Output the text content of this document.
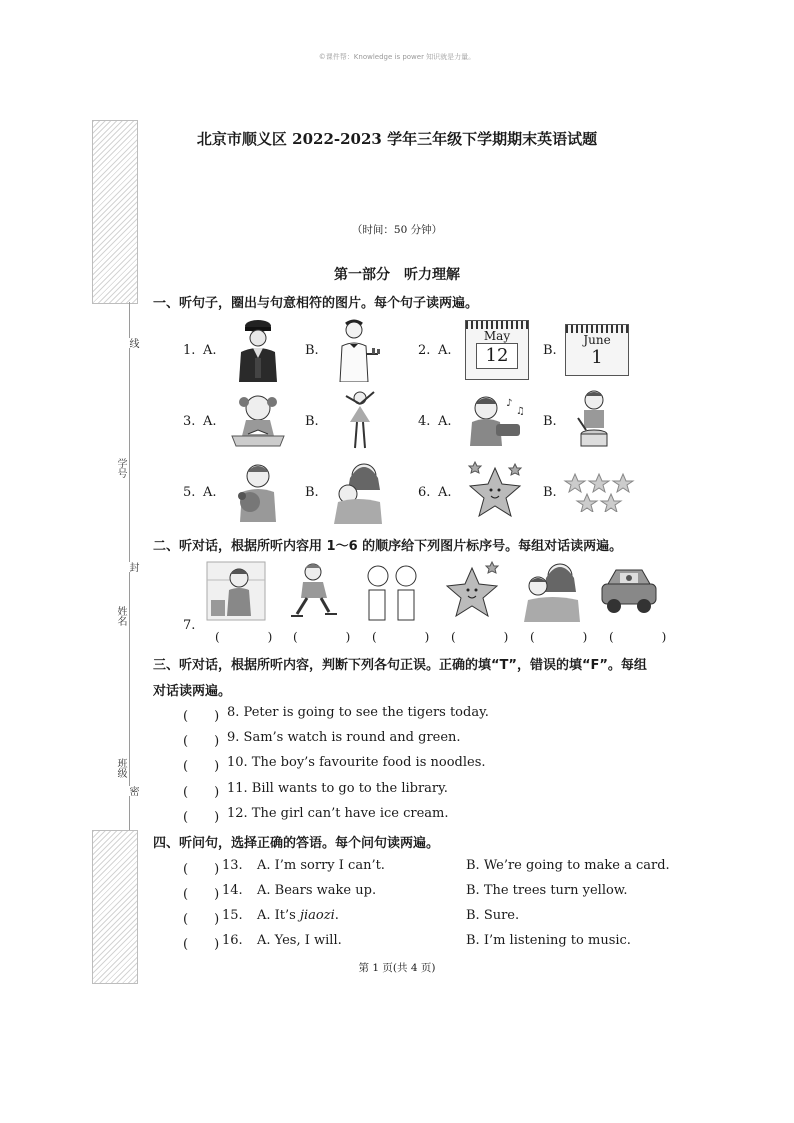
©课件帮：Knowledge is power 知识就是力量。
线
学号
封
姓名
班级
密
北京市顺义区 2022-2023 学年三年级下学期期末英语试题
（时间：50 分钟）
第一部分　听力理解
一、听句子，圈出与句意相符的图片。每个句子读两遍。
1. A.	B.	2. A.
May
12	B.
June
1
3. A.	B.	4. A.
♪
♫
B.
5. A.	B.	6. A.	B.
二、听对话，根据所听内容用 1～6 的顺序给下列图片标序号。每组对话读两遍。
7.
(　　) (　　) (　　) (　　) (　　) (　　)
三、听对话，根据所听内容，判断下列各句正误。正确的填“T”，错误的填“F”。每组
对话读两遍。
(　　) 8. Peter is going to see the tigers today.
(　　) 9. Sam’s watch is round and green.
(　　) 10. The boy’s favourite food is noodles.
(　　) 11. Bill wants to go to the library.
(　　) 12. The girl can’t have ice cream.
四、听问句，选择正确的答语。每个问句读两遍。
(　　) 13. A. I’m sorry I can’t.	B. We’re going to make a card.
(　　) 14. A. Bears wake up.	B. The trees turn yellow.
(　　) 15. A. It’s jiaozi.	B. Sure.
(　　) 16. A. Yes, I will.	B. I’m listening to music.
第 1 页(共 4 页)
